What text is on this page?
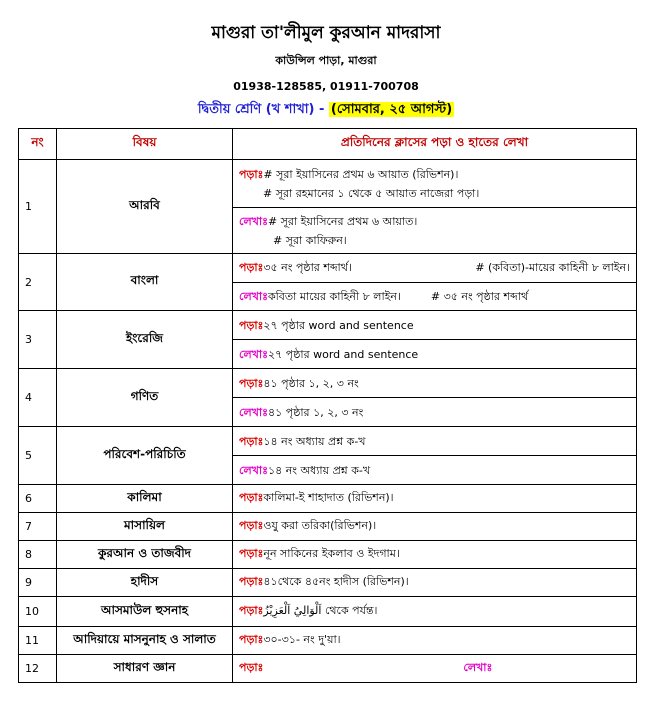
মাগুরা তা'লীমুল কুরআন মাদরাসা
কাউন্সিল পাড়া, মাগুরা
01938-128585, 01911-700708
দ্বিতীয় শ্রেণি (খ শাখা) - (সোমবার, ২৫ আগস্ট)
নং	বিষয়	প্রতিদিনের ক্লাসের পড়া ও হাতের লেখা
1	আরবি	পড়াঃ# সূরা ইয়াসিনের প্রথম ৬ আয়াত (রিভিশন)।
# সূরা রহমানের ১ থেকে ৫ আয়াত নাজেরা পড়া।

		লেখাঃ# সূরা ইয়াসিনের প্রথম ৬ আয়াত।
# সূরা কাফিরুন।

2	বাংলা	পড়াঃ৩৫ নং পৃষ্ঠার শব্দার্থ। # (কবিতা)-মায়ের কাহিনী ৮ লাইন।

		লেখাঃকবিতা মায়ের কাহিনী ৮ লাইন। # ৩৫ নং পৃষ্ঠার শব্দার্থ

3	ইংরেজি	পড়াঃ২৭ পৃষ্ঠার word and sentence

		লেখাঃ২৭ পৃষ্ঠার word and sentence

4	গণিত	পড়াঃ৪১ পৃষ্ঠার ১, ২, ৩ নং

		লেখাঃ৪১ পৃষ্ঠার ১, ২, ৩ নং

5	পরিবেশ-পরিচিতি	পড়াঃ১৪ নং অধ্যায় প্রশ্ন ক-খ

		লেখাঃ১৪ নং অধ্যায় প্রশ্ন ক-খ

6	কালিমা	পড়াঃকালিমা-ই শাহাদাত (রিভিশন)।
7	মাসায়িল	পড়াঃওযু করা তরিকা(রিভিশন)।
8	কুরআন ও তাজবীদ	পড়াঃনূন সাকিনের ইকলাব ও ইদগাম।
9	হাদীস	পড়াঃ৪১থেকে ৪৫নং হাদীস (রিভিশন)।
10	আসমাউল হুসনাহ	পড়াঃاَلْعَزِيْزُ اَلْوَالِيُ থেকে পর্যন্ত।
11	আদিয়ায়ে মাসনুনাহ ও সালাত	পড়াঃ৩০-৩১- নং দু'য়া।
12	সাধারণ জ্ঞান	পড়াঃ লেখাঃ
